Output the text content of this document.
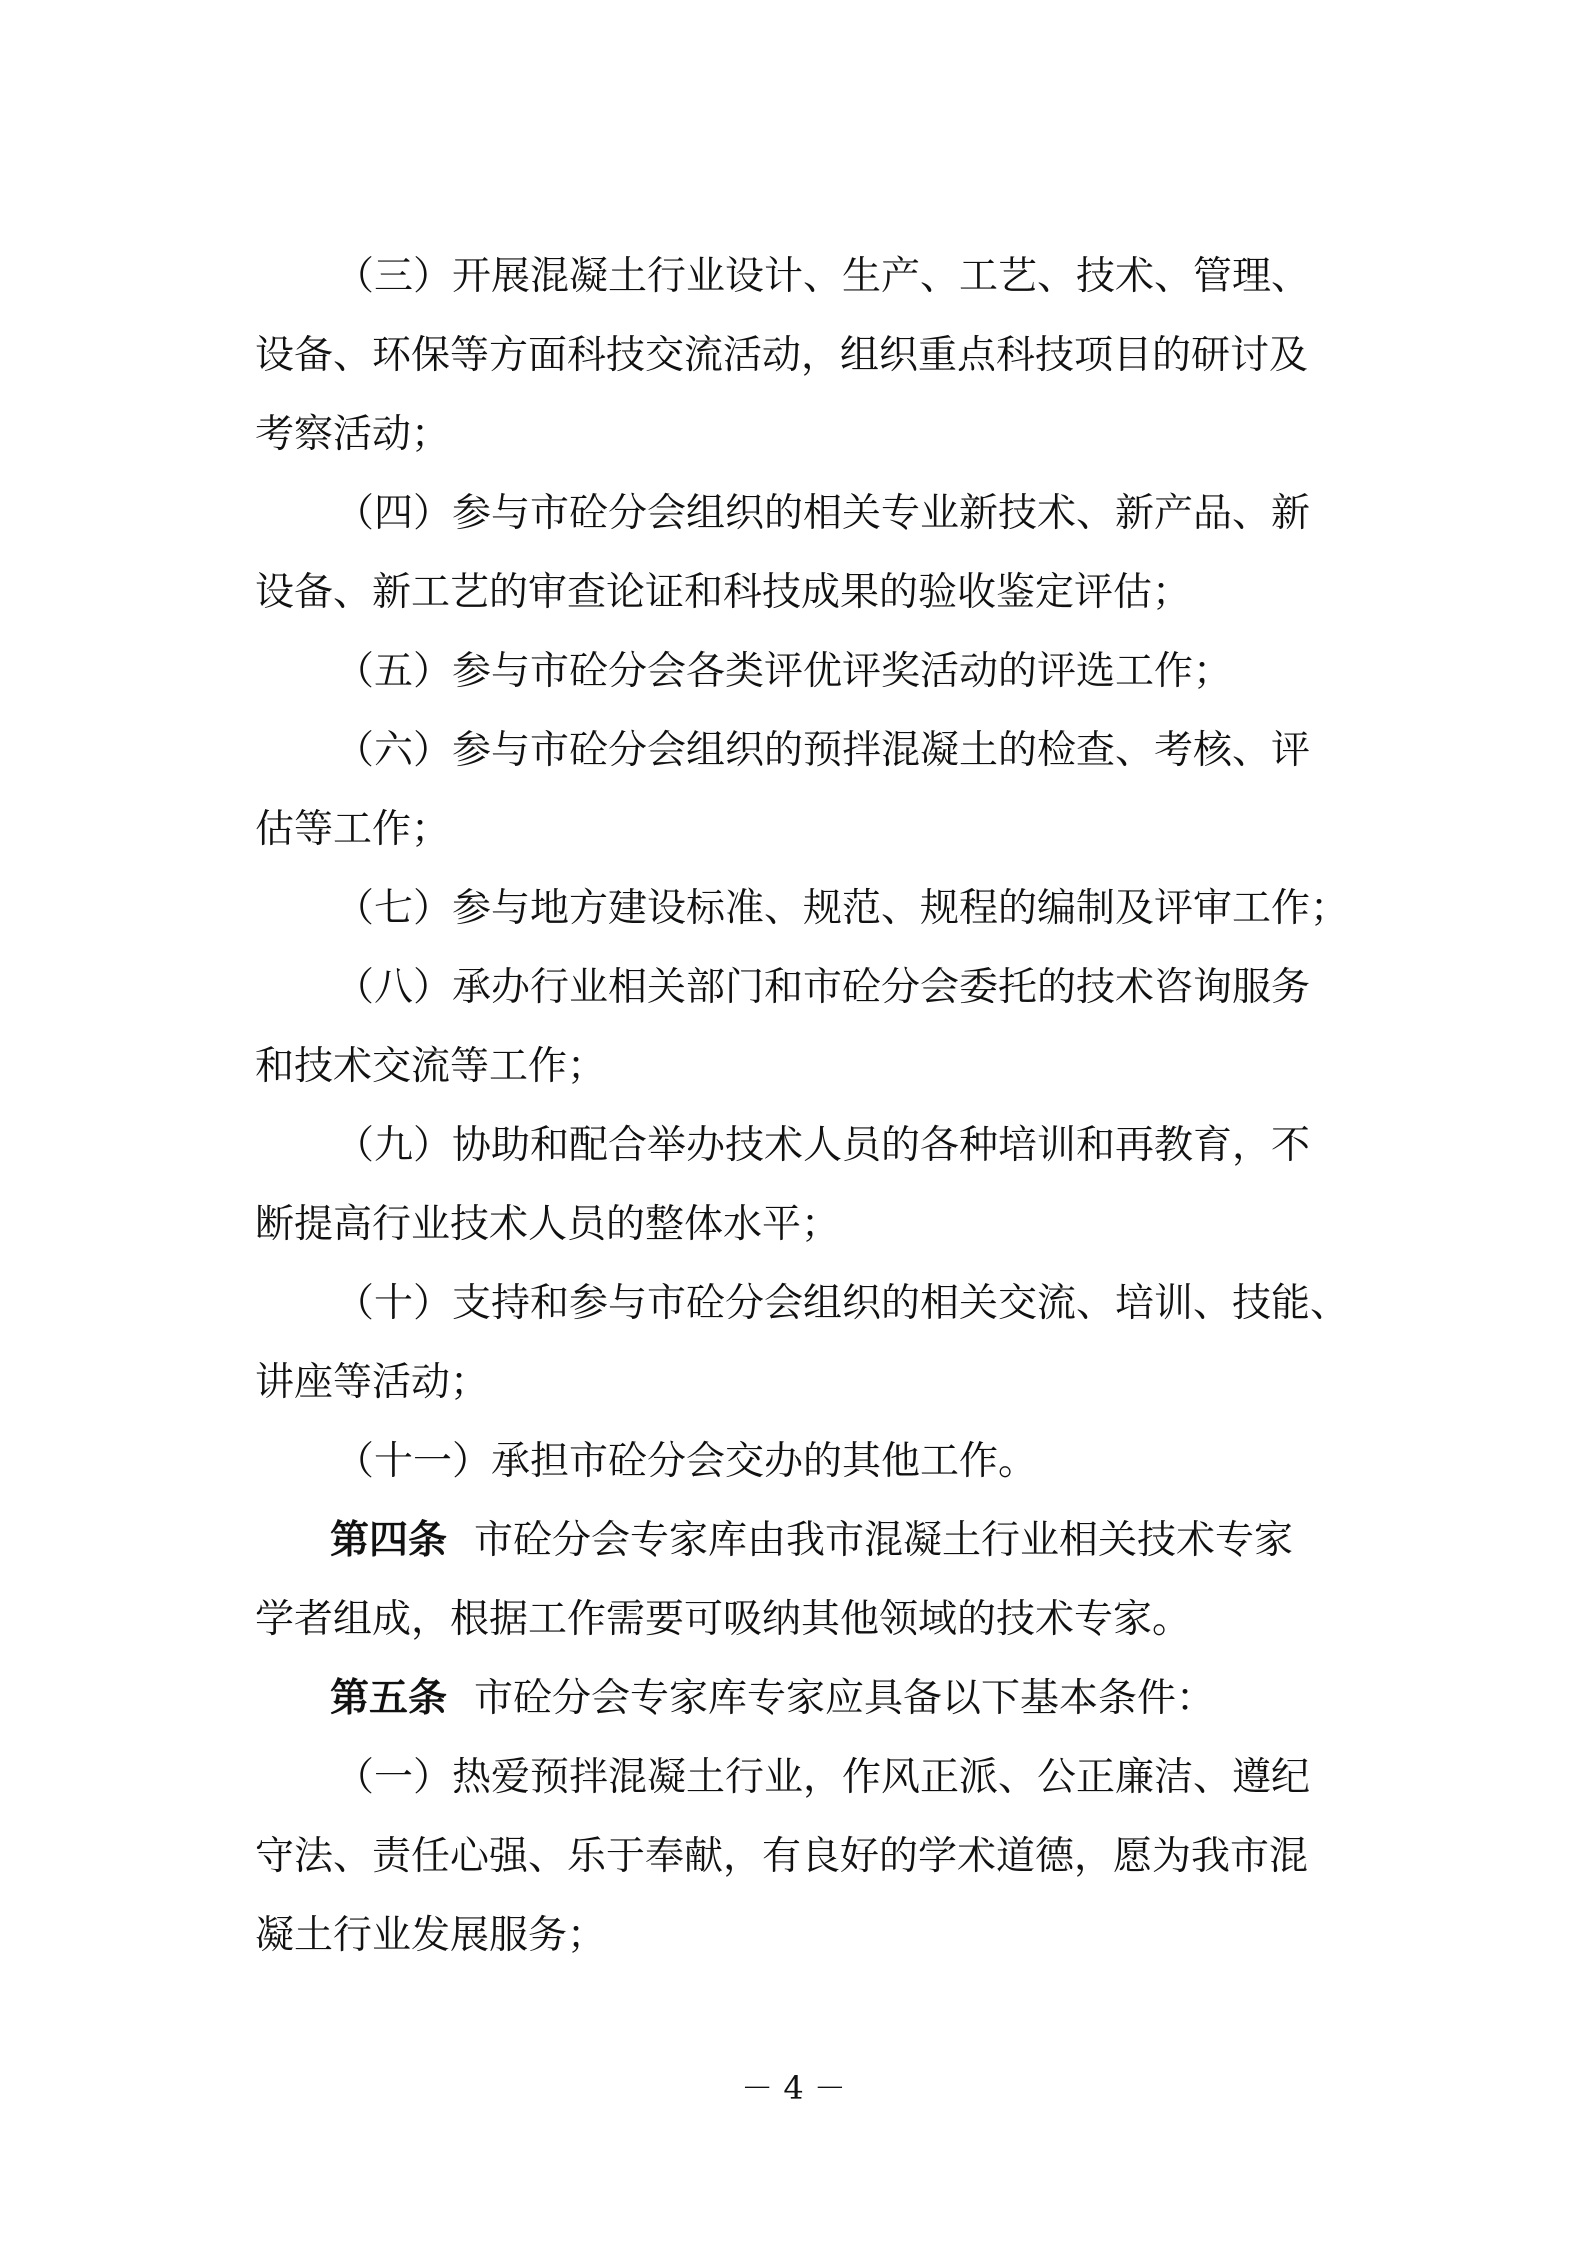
（三）开展混凝土行业设计、生产、工艺、技术、管理、
设备、环保等方面科技交流活动，组织重点科技项目的研讨及
考察活动；
（四）参与市砼分会组织的相关专业新技术、新产品、新
设备、新工艺的审查论证和科技成果的验收鉴定评估；
（五）参与市砼分会各类评优评奖活动的评选工作；
（六）参与市砼分会组织的预拌混凝土的检查、考核、评
估等工作；
（七）参与地方建设标准、规范、规程的编制及评审工作；
（八）承办行业相关部门和市砼分会委托的技术咨询服务
和技术交流等工作；
（九）协助和配合举办技术人员的各种培训和再教育，不
断提高行业技术人员的整体水平；
（十）支持和参与市砼分会组织的相关交流、培训、技能、
讲座等活动；
（十一）承担市砼分会交办的其他工作。
第四条 市砼分会专家库由我市混凝土行业相关技术专家
学者组成，根据工作需要可吸纳其他领域的技术专家。
第五条 市砼分会专家库专家应具备以下基本条件：
（一）热爱预拌混凝土行业，作风正派、公正廉洁、遵纪
守法、责任心强、乐于奉献，有良好的学术道德，愿为我市混
凝土行业发展服务；
－ 4 －
